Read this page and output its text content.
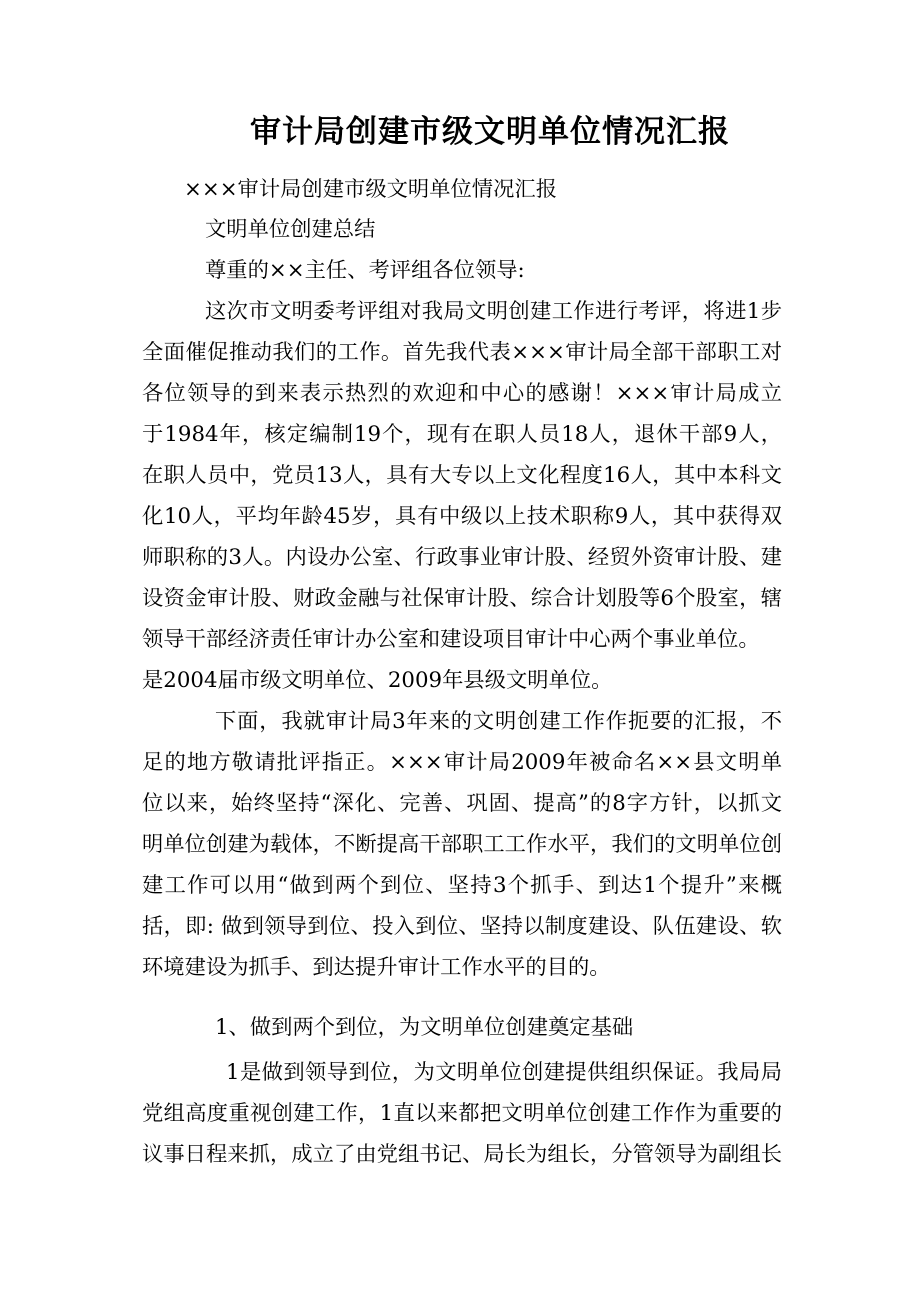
审计局创建市级文明单位情况汇报
×××审计局创建市级文明单位情况汇报
文明单位创建总结
尊重的××主任、考评组各位领导:
这次市文明委考评组对我局文明创建工作进行考评，将进1步
全面催促推动我们的工作。首先我代表×××审计局全部干部职工对
各位领导的到来表示热烈的欢迎和中心的感谢！×××审计局成立
于1984年，核定编制19个，现有在职人员18人，退休干部9人，
在职人员中，党员13人，具有大专以上文化程度16人，其中本科文
化10人，平均年龄45岁，具有中级以上技术职称9人，其中获得双
师职称的3人。内设办公室、行政事业审计股、经贸外资审计股、建
设资金审计股、财政金融与社保审计股、综合计划股等6个股室，辖
领导干部经济责任审计办公室和建设项目审计中心两个事业单位。
是2004届市级文明单位、2009年县级文明单位。
下面，我就审计局3年来的文明创建工作作扼要的汇报，不
足的地方敬请批评指正。×××审计局2009年被命名××县文明单
位以来，始终坚持“深化、完善、巩固、提高”的8字方针，以抓文
明单位创建为载体，不断提高干部职工工作水平，我们的文明单位创
建工作可以用“做到两个到位、坚持3个抓手、到达1个提升”来概
括，即: 做到领导到位、投入到位、坚持以制度建设、队伍建设、软
环境建设为抓手、到达提升审计工作水平的目的。
1、做到两个到位，为文明单位创建奠定基础
1是做到领导到位，为文明单位创建提供组织保证。我局局
党组高度重视创建工作，1直以来都把文明单位创建工作作为重要的
议事日程来抓，成立了由党组书记、局长为组长，分管领导为副组长
